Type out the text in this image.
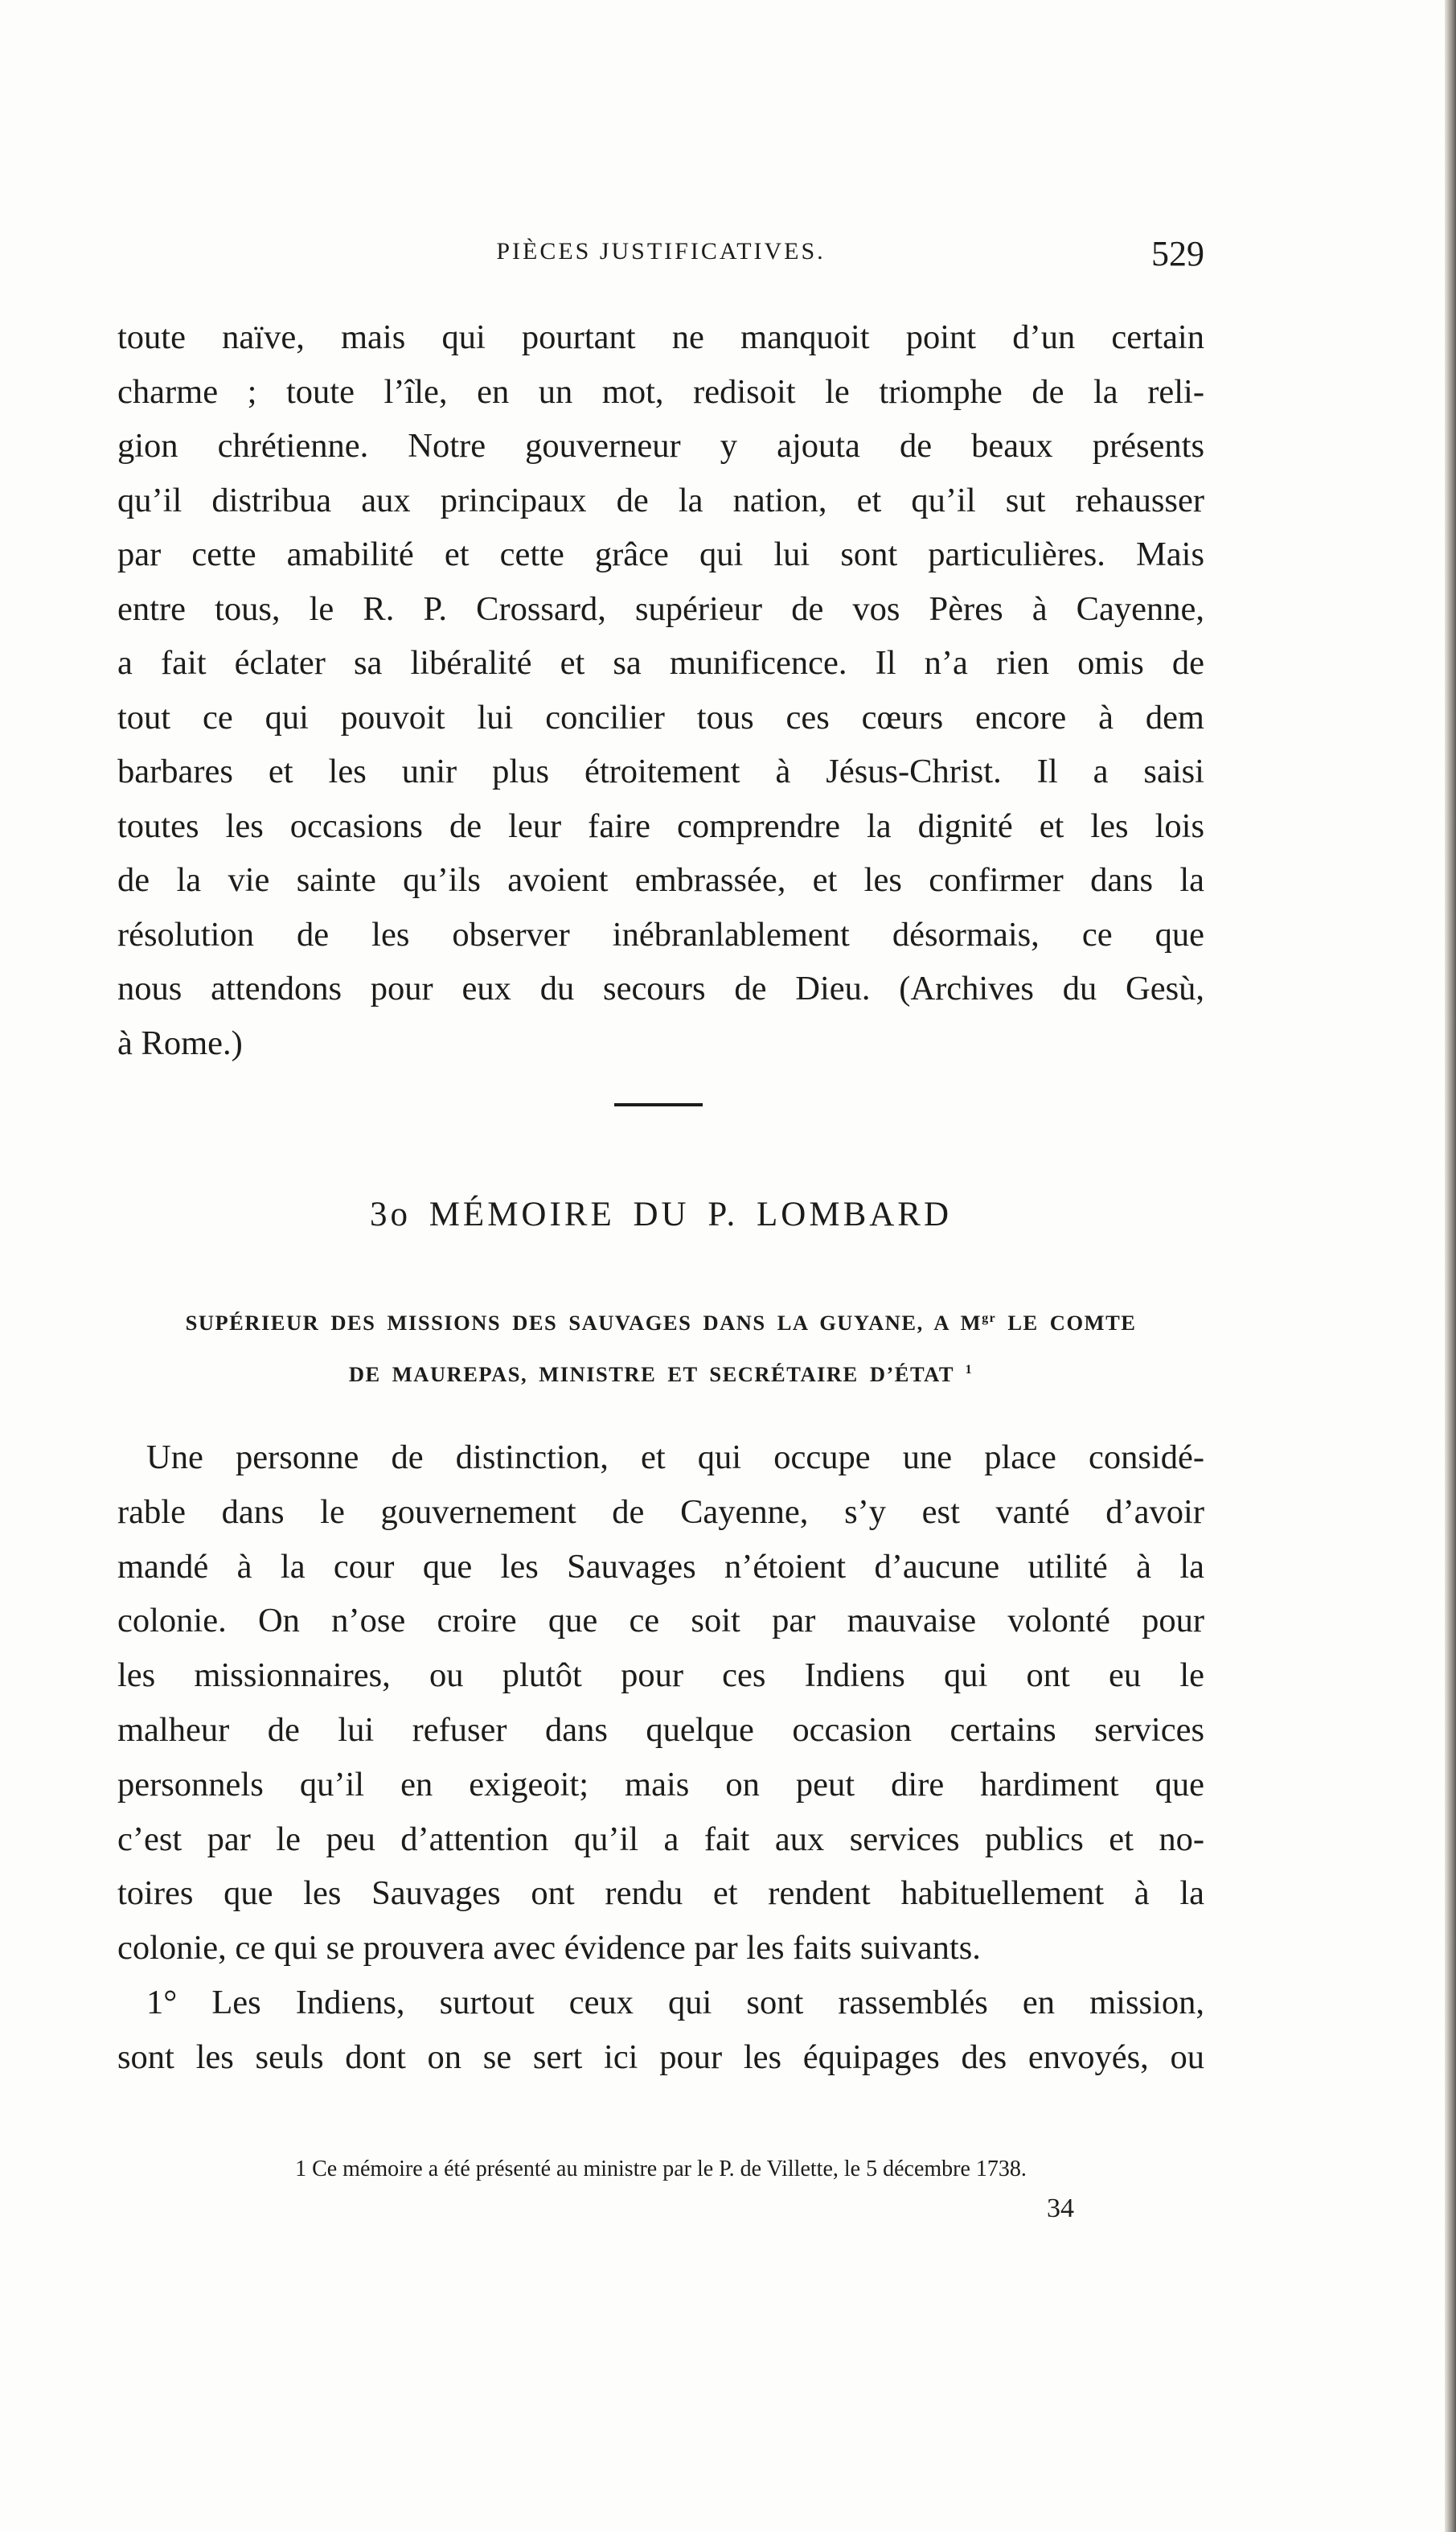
PIÈCES JUSTIFICATIVES.	529

toute naïve, mais qui pourtant ne manquoit point d’un certain

charme ; toute l’île, en un mot, redisoit le triomphe de la reli-

gion chrétienne. Notre gouverneur y ajouta de beaux présents

qu’il distribua aux principaux de la nation, et qu’il sut rehausser

par cette amabilité et cette grâce qui lui sont particulières. Mais

entre tous, le R. P. Crossard, supérieur de vos Pères à Cayenne,

a fait éclater sa libéralité et sa munificence. Il n’a rien omis de

tout ce qui pouvoit lui concilier tous ces cœurs encore à dem

barbares et les unir plus étroitement à Jésus-Christ. Il a saisi

toutes les occasions de leur faire comprendre la dignité et les lois

de la vie sainte qu’ils avoient embrassée, et les confirmer dans la

résolution de les observer inébranlablement désormais, ce que

nous attendons pour eux du secours de Dieu. (Archives du Gesù,

à Rome.)

3o MÉMOIRE DU P. LOMBARD
SUPÉRIEUR DES MISSIONS DES SAUVAGES DANS LA GUYANE, A $M^{gr}$ LE COMTE
DE MAUREPAS, MINISTRE ET SECRÉTAIRE D’ÉTAT $^1$

Une personne de distinction, et qui occupe une place considé-

rable dans le gouvernement de Cayenne, s’y est vanté d’avoir

mandé à la cour que les Sauvages n’étoient d’aucune utilité à la

colonie. On n’ose croire que ce soit par mauvaise volonté pour

les missionnaires, ou plutôt pour ces Indiens qui ont eu le

malheur de lui refuser dans quelque occasion certains services

personnels qu’il en exigeoit; mais on peut dire hardiment que

c’est par le peu d’attention qu’il a fait aux services publics et no-

toires que les Sauvages ont rendu et rendent habituellement à la

colonie, ce qui se prouvera avec évidence par les faits suivants.

1° Les Indiens, surtout ceux qui sont rassemblés en mission,

sont les seuls dont on se sert ici pour les équipages des envoyés, ou

1 Ce mémoire a été présenté au ministre par le P. de Villette, le 5 décembre 1738.
34
